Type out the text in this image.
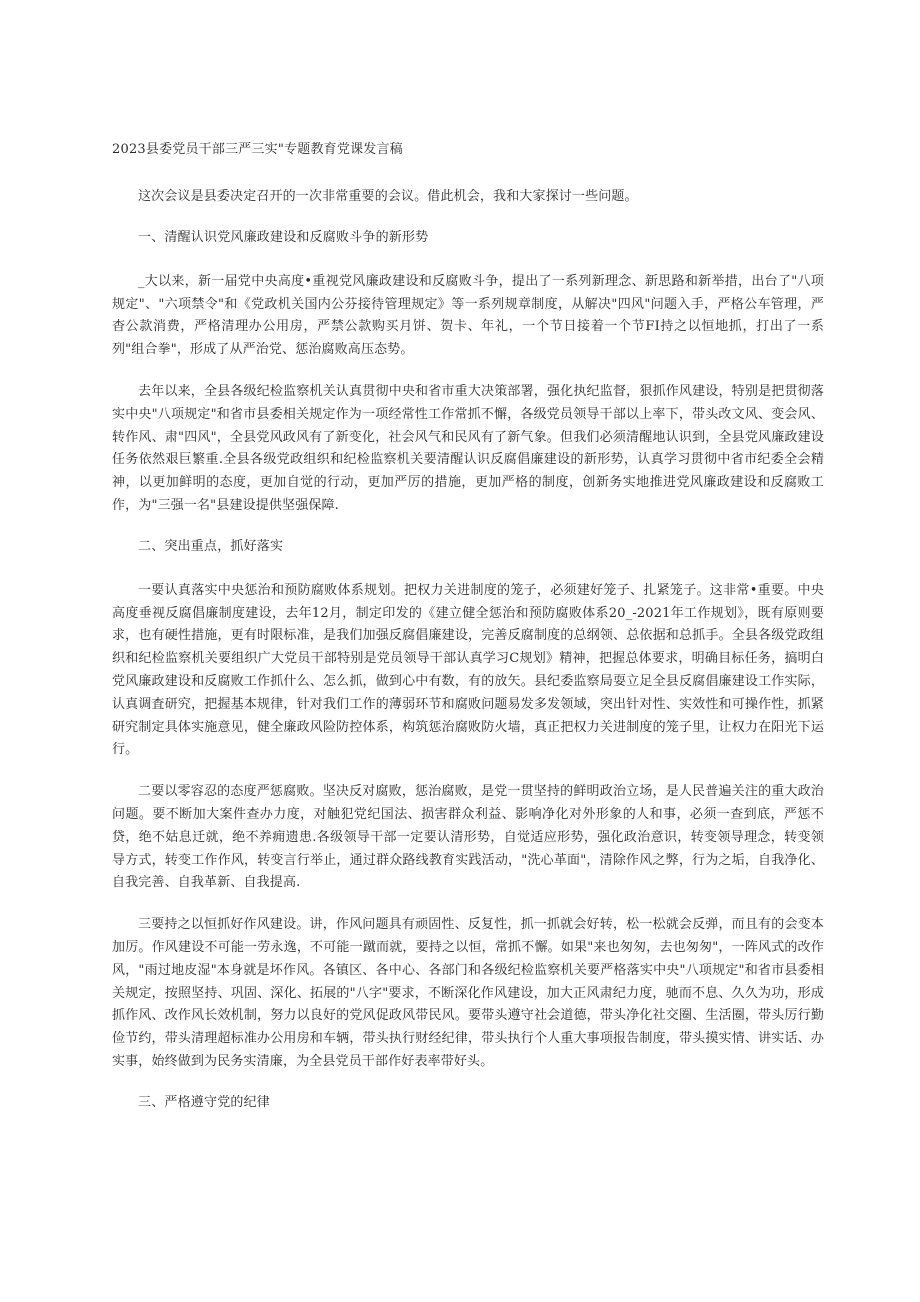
2023县委党员干部三严三实"专题教育党课发言稿

这次会议是县委决定召开的一次非常重要的会议。借此机会，我和大家探讨一些问题。

一、清醒认识党风廉政建设和反腐败斗争的新形势

_大以来，新一届党中央高度•重视党风廉政建设和反腐败斗争，提出了一系列新理念、新思路和新举措，出台了"八项规定"、"六项禁令"和《党政机关国内公芬接待管理规定》等一系列规章制度，从解决"四风"问题入手，严格公车管理，严杳公款消费，严格清理办公用房，严禁公款购买月饼、贺卡、年礼，一个节日接着一个节FI持之以恒地抓，打出了一系列"组合拳"，形成了从严治党、惩治腐败高压态势。

去年以来，全县各级纪检监察机关认真贯彻中央和省市重大决策部署，强化执纪监督，狠抓作风建设，特别是把贯彻落实中央"八项规定"和省市县委相关规定作为一项经常性工作常抓不懈，各级党员领导干部以上率下，带头改文风、变会风、转作风、肃"四风"，全县党风政风有了新变化，社会风气和民风有了新气象。但我们必须清醒地认识到，全县党风廉政建设任务依然艰巨繁重.全县各级党政组织和纪检监察机关要清醒认识反腐倡廉建设的新形势，认真学习贯彻中省市纪委全会精神，以更加鲜明的态度，更加自觉的行动，更加严厉的措施，更加严格的制度，创新务实地推进党风廉政建设和反腐败工作，为"三强一名"县建设提供坚强保障.

二、突出重点，抓好落实

一要认真落实中央惩治和预防腐败体系规划。把权力关进制度的笼子，必须建好笼子、扎紧笼子。这非常•重要。中央高度垂视反腐倡廉制度建设，去年12月，制定印发的《建立健全惩治和预防腐败体系20_-2021年工作规划》，既有原则要求，也有硬性措施，更有时限标准，是我们加强反腐倡廉建设，完善反腐制度的总纲领、总依据和总抓手。全县各级党政组织和纪检监察机关要组织广大党员干部特别是党员领导干部认真学习C规划》精神，把握总体要求，明确目标任务，搞明白党风廉政建设和反腐败工作抓什么、怎么抓，做到心中有数，有的放矢。县纪委监察局耍立足全县反腐倡廉建设工作实际，认真调査研究，把握基本规律，针对我们工作的薄弱环节和腐败问题易发多发领域，突出针对性、实效性和可操作性，抓紧研究制定具体实施意见，健全廉政风险防控体系，构筑惩治腐败防火墙，真正把权力关进制度的笼子里，让权力在阳光下运行。

二要以零容忍的态度严惩腐败。坚决反对腐败，惩治腐败，是党一贯坚持的鲜明政治立场，是人民普遍关注的重大政治问题。要不断加大案件查办力度，对触犯党纪国法、损害群众利益、影响净化对外形象的人和事，必须一查到底，严惩不贷，绝不姑息迁就，绝不养痈遗患.各级领导干部一定要认清形势，自觉适应形势，强化政治意识，转变领导理念，转变领导方式，转变工作作风，转变言行举止，通过群众路线教育实践活动，"洗心革面"，清除作风之弊，行为之垢，自我净化、自我完善、自我革新、自我提高.

三要持之以恒抓好作风建设。讲，作风问题具有顽固性、反复性，抓一抓就会好转，松一松就会反弹，而且有的会变本加厉。作风建设不可能一劳永逸，不可能一蹴而就，要持之以恒，常抓不懈。如果"来也匆匆，去也匆匆"，一阵风式的改作风，"雨过地皮湿"本身就是坏作风。各镇区、各中心、各部门和各级纪检监察机关要严格落实中央"八项规定"和省市县委相关规定，按照坚持、巩固、深化、拓展的"八字"要求，不断深化作风建设，加大正风肃纪力度，驰而不息、久久为功，形成抓作风、改作风长效机制，努力以良好的党风促政风带民风。要带头遵守社会道德，带头净化社交圈、生活圈，带头厉行勤俭节约，带头清理超标准办公用房和车辆，带头执行财经纪律，带头执行个人重大事项报告制度，带头摸实情、讲实话、办实事，始终做到为民务实清廉，为全县党员干部作好表率带好头。

三、严格遵守党的纪律
